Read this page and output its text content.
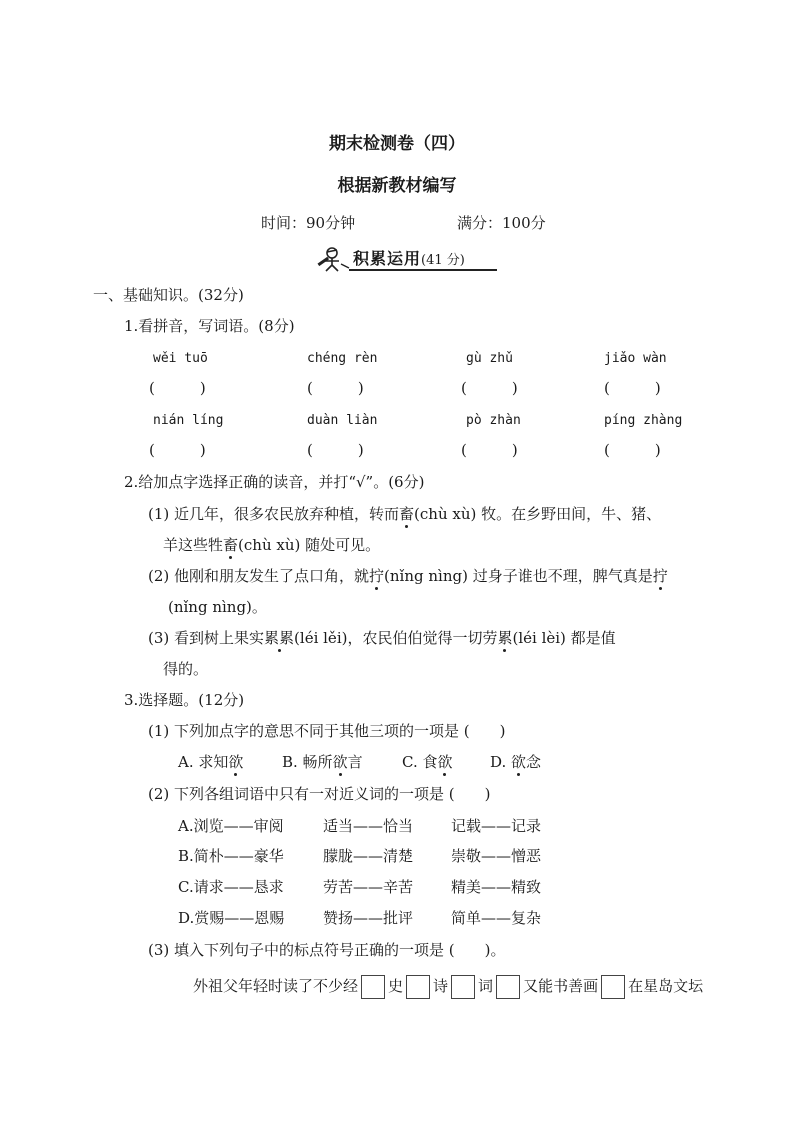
期末检测卷（四）
根据新教材编写
时间：90分钟	满分：100分
积累运用(41 分)
一、基础知识。(32分)
1.看拼音，写词语。(8分)
wěi tuō	chéng rèn	gù zhǔ	jiǎo wàn
(　　　)	(　　　)	(　　　)	(　　　)
nián líng	duàn liàn	pò zhàn	píng zhàng
(　　　)	(　　　)	(　　　)	(　　　)
2.给加点字选择正确的读音，并打“√”。(6分)
(1) 近几年，很多农民放弃种植，转而畜(chù xù) 牧。在乡野田间，牛、猪、
羊这些牲畜(chù xù) 随处可见。
(2) 他刚和朋友发生了点口角，就拧(nǐng nìng) 过身子谁也不理，脾气真是拧
(nǐng nìng)。
(3) 看到树上果实累累(léi lěi)，农民伯伯觉得一切劳累(léi lèi) 都是值
得的。
3.选择题。(12分)
(1) 下列加点字的意思不同于其他三项的一项是 (　　)
A. 求知欲	B. 畅所欲言	C. 食欲	D. 欲念
(2) 下列各组词语中只有一对近义词的一项是 (　　)
A.浏览——审阅	适当——恰当	记载——记录
B.简朴——豪华	朦胧——清楚	崇敬——憎恶
C.请求——恳求	劳苦——辛苦	精美——精致
D.赏赐——恩赐	赞扬——批评	简单——复杂
(3) 填入下列句子中的标点符号正确的一项是 (　　)。
外祖父年轻时读了不少经 史 诗 词 又能书善画 在星岛文坛
